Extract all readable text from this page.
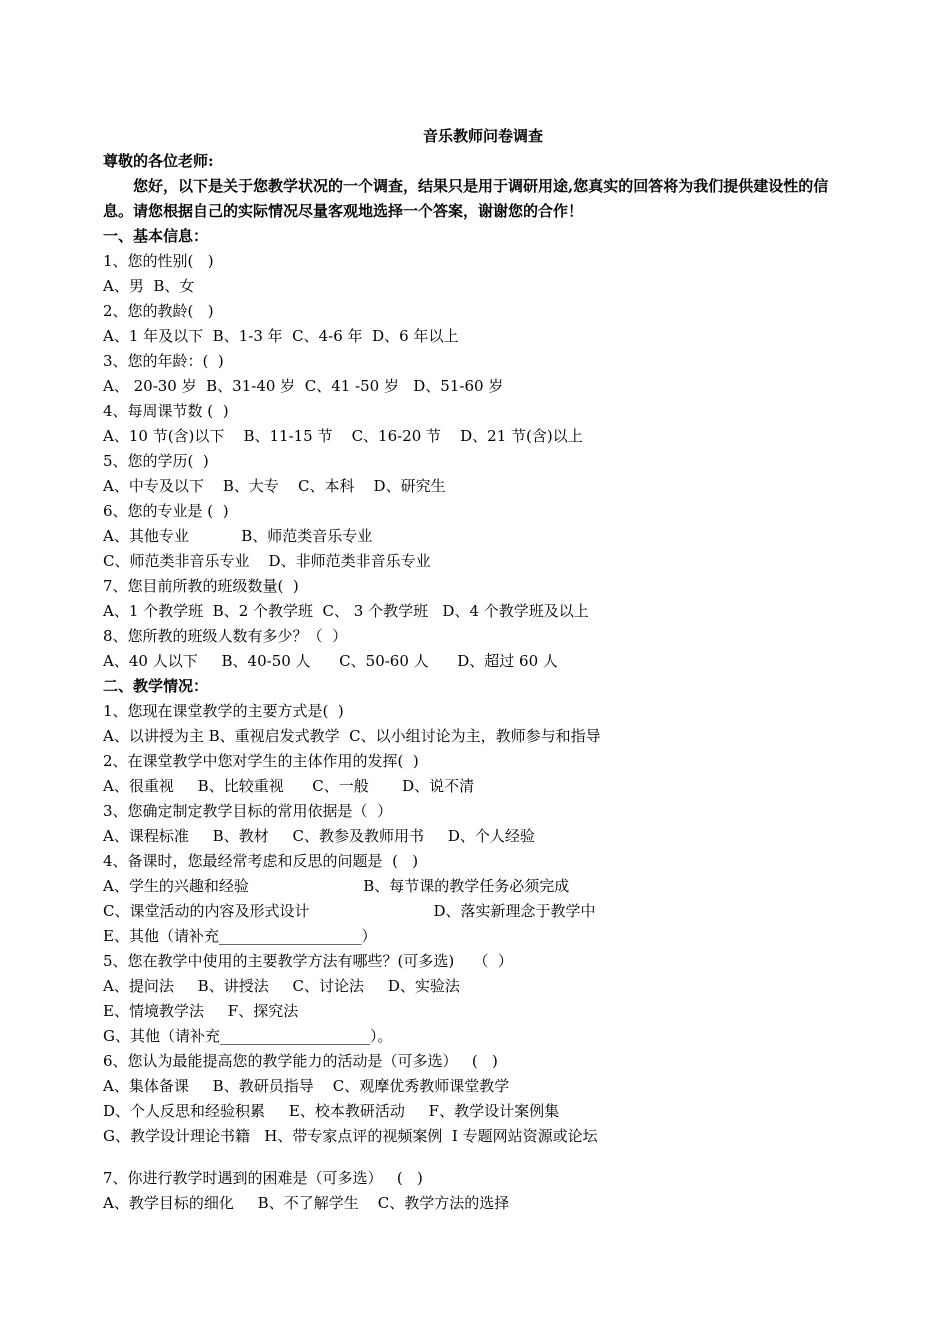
音乐教师问卷调查
尊敬的各位老师:

您好，以下是关于您教学状况的一个调查，结果只是用于调研用途,您真实的回答将为我们提供建设性的信息。请您根据自己的实际情况尽量客观地选择一个答案，谢谢您的合作！

一、基本信息：
1、您的性别(   )
A、男  B、女
2、您的教龄(   )
A、1 年及以下  B、1-3 年  C、4-6 年  D、6 年以上
3、您的年龄：(  )
A、 20-30 岁  B、31-40 岁  C、41 -50 岁   D、51-60 岁
4、每周课节数 (  )
A、10 节(含)以下    B、11-15 节    C、16-20 节    D、21 节(含)以上
5、您的学历(  )
A、中专及以下    B、大专    C、本科    D、研究生
6、您的专业是 (  )
A、其他专业           B、师范类音乐专业
C、师范类非音乐专业    D、非师范类非音乐专业
7、您目前所教的班级数量(  )
A、1 个教学班  B、2 个教学班  C、 3 个教学班   D、4 个教学班及以上
8、您所教的班级人数有多少？（  ）
A、40 人以下     B、40-50 人      C、50-60 人      D、超过 60 人
二、教学情况：
1、您现在课堂教学的主要方式是(  )
A、以讲授为主 B、重视启发式教学  C、以小组讨论为主，教师参与和指导
2、在课堂教学中您对学生的主体作用的发挥(  )
A、很重视     B、比较重视      C、一般       D、说不清
3、您确定制定教学目标的常用依据是（  ）
A、课程标准     B、教材     C、教参及教师用书     D、个人经验
4、备课时，您最经常考虑和反思的问题是  (   )
A、学生的兴趣和经验                        B、每节课的教学任务必须完成
C、课堂活动的内容及形式设计                          D、落实新理念于教学中
E、其他（请补充___________________）
5、您在教学中使用的主要教学方法有哪些？(可多选)    （  ）
A、提问法     B、讲授法     C、讨论法     D、实验法
E、情境教学法     F、探究法
G、其他（请补充____________________）。
6、您认为最能提高您的教学能力的活动是（可多选）   (   )
A、集体备课     B、教研员指导    C、观摩优秀教师课堂教学
D、个人反思和经验积累     E、校本教研活动     F、教学设计案例集
G、教学设计理论书籍   H、带专家点评的视频案例  I 专题网站资源或论坛
7、你进行教学时遇到的困难是（可多选）   (   )
A、教学目标的细化     B、不了解学生    C、教学方法的选择
